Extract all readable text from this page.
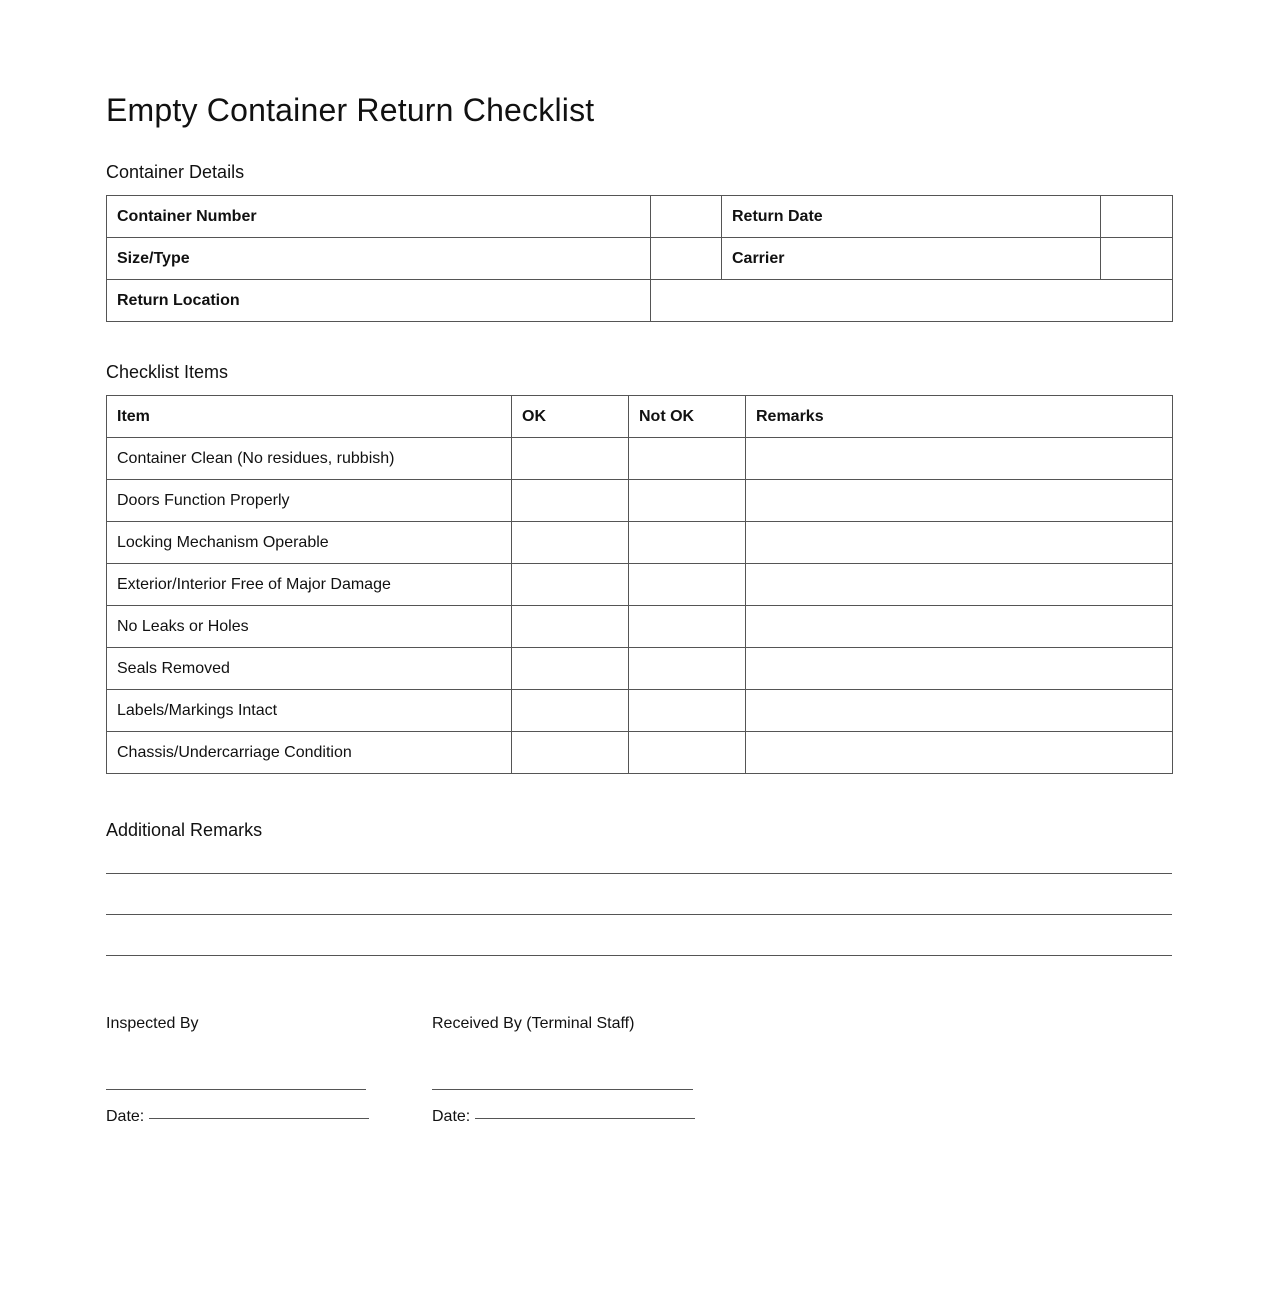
Empty Container Return Checklist
Container Details
Container Number		Return Date	
Size/Type		Carrier	
Return Location			
Checklist Items
Item	OK	Not OK	Remarks
Container Clean (No residues, rubbish)			
Doors Function Properly			
Locking Mechanism Operable			
Exterior/Interior Free of Major Damage			
No Leaks or Holes			
Seals Removed			
Labels/Markings Intact			
Chassis/Undercarriage Condition			
Additional Remarks
Inspected By
Date:
Received By (Terminal Staff)
Date:
